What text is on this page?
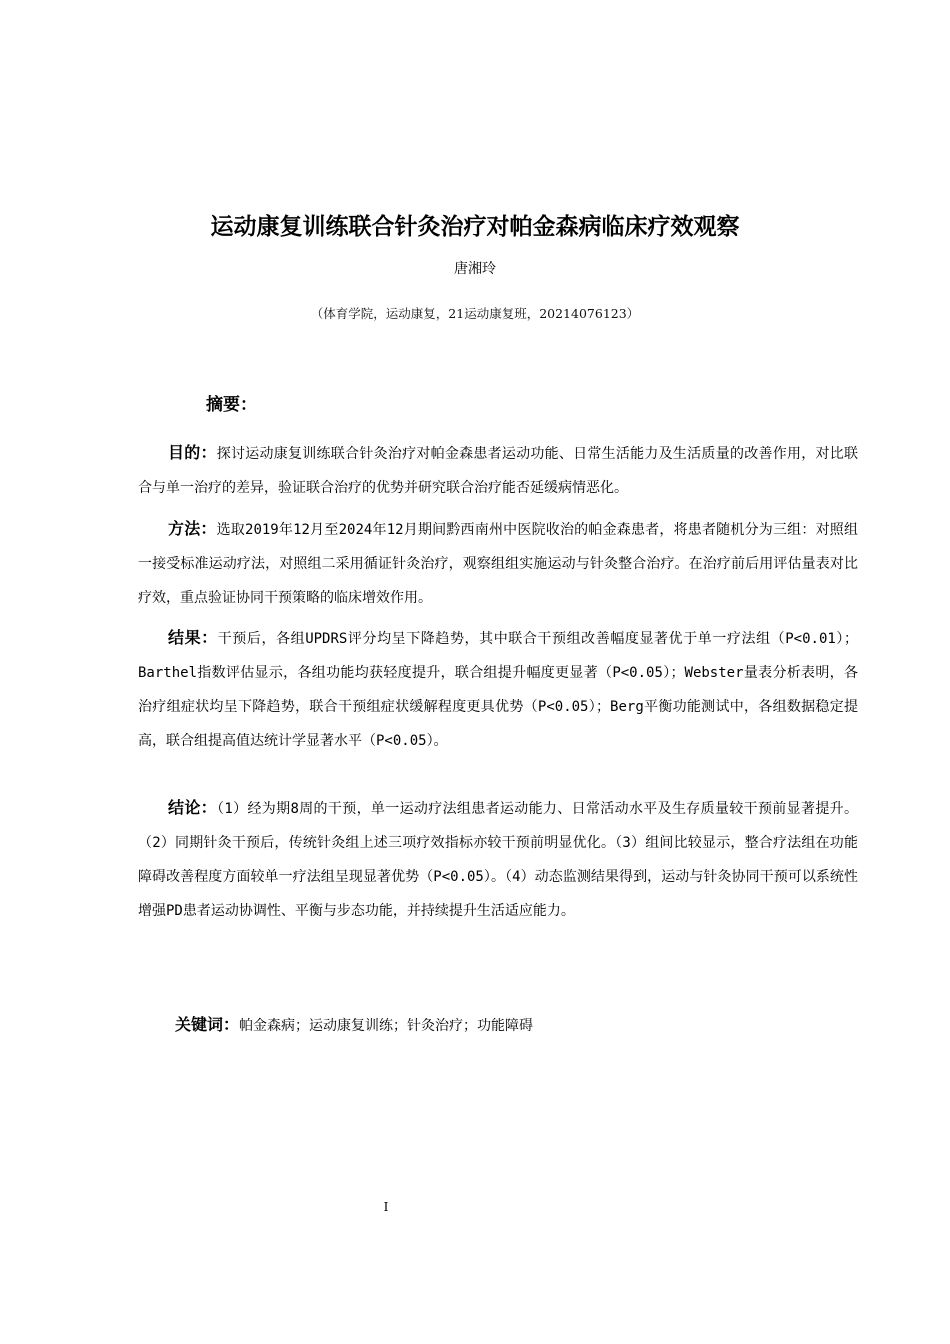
运动康复训练联合针灸治疗对帕金森病临床疗效观察
唐湘玲
（体育学院，运动康复，21运动康复班，20214076123）
摘要：
目的：探讨运动康复训练联合针灸治疗对帕金森患者运动功能、日常生活能力及生活质量的改善作用，对比联合与单一治疗的差异，验证联合治疗的优势并研究联合治疗能否延缓病情恶化。
方法：选取2019年12月至2024年12月期间黔西南州中医院收治的帕金森患者，将患者随机分为三组：对照组一接受标准运动疗法，对照组二采用循证针灸治疗，观察组组实施运动与针灸整合治疗。在治疗前后用评估量表对比疗效，重点验证协同干预策略的临床增效作用。
结果：干预后，各组UPDRS评分均呈下降趋势，其中联合干预组改善幅度显著优于单一疗法组（P<0.01）；Barthel指数评估显示，各组功能均获轻度提升，联合组提升幅度更显著（P<0.05）；Webster量表分析表明，各治疗组症状均呈下降趋势，联合干预组症状缓解程度更具优势（P<0.05）；Berg平衡功能测试中，各组数据稳定提高，联合组提高值达统计学显著水平（P<0.05）。
结论：（1）经为期8周的干预，单一运动疗法组患者运动能力、日常活动水平及生存质量较干预前显著提升。（2）同期针灸干预后，传统针灸组上述三项疗效指标亦较干预前明显优化。（3）组间比较显示，整合疗法组在功能障碍改善程度方面较单一疗法组呈现显著优势（P<0.05）。（4）动态监测结果得到，运动与针灸协同干预可以系统性增强PD患者运动协调性、平衡与步态功能，并持续提升生活适应能力。
关键词：帕金森病；运动康复训练；针灸治疗；功能障碍
I
